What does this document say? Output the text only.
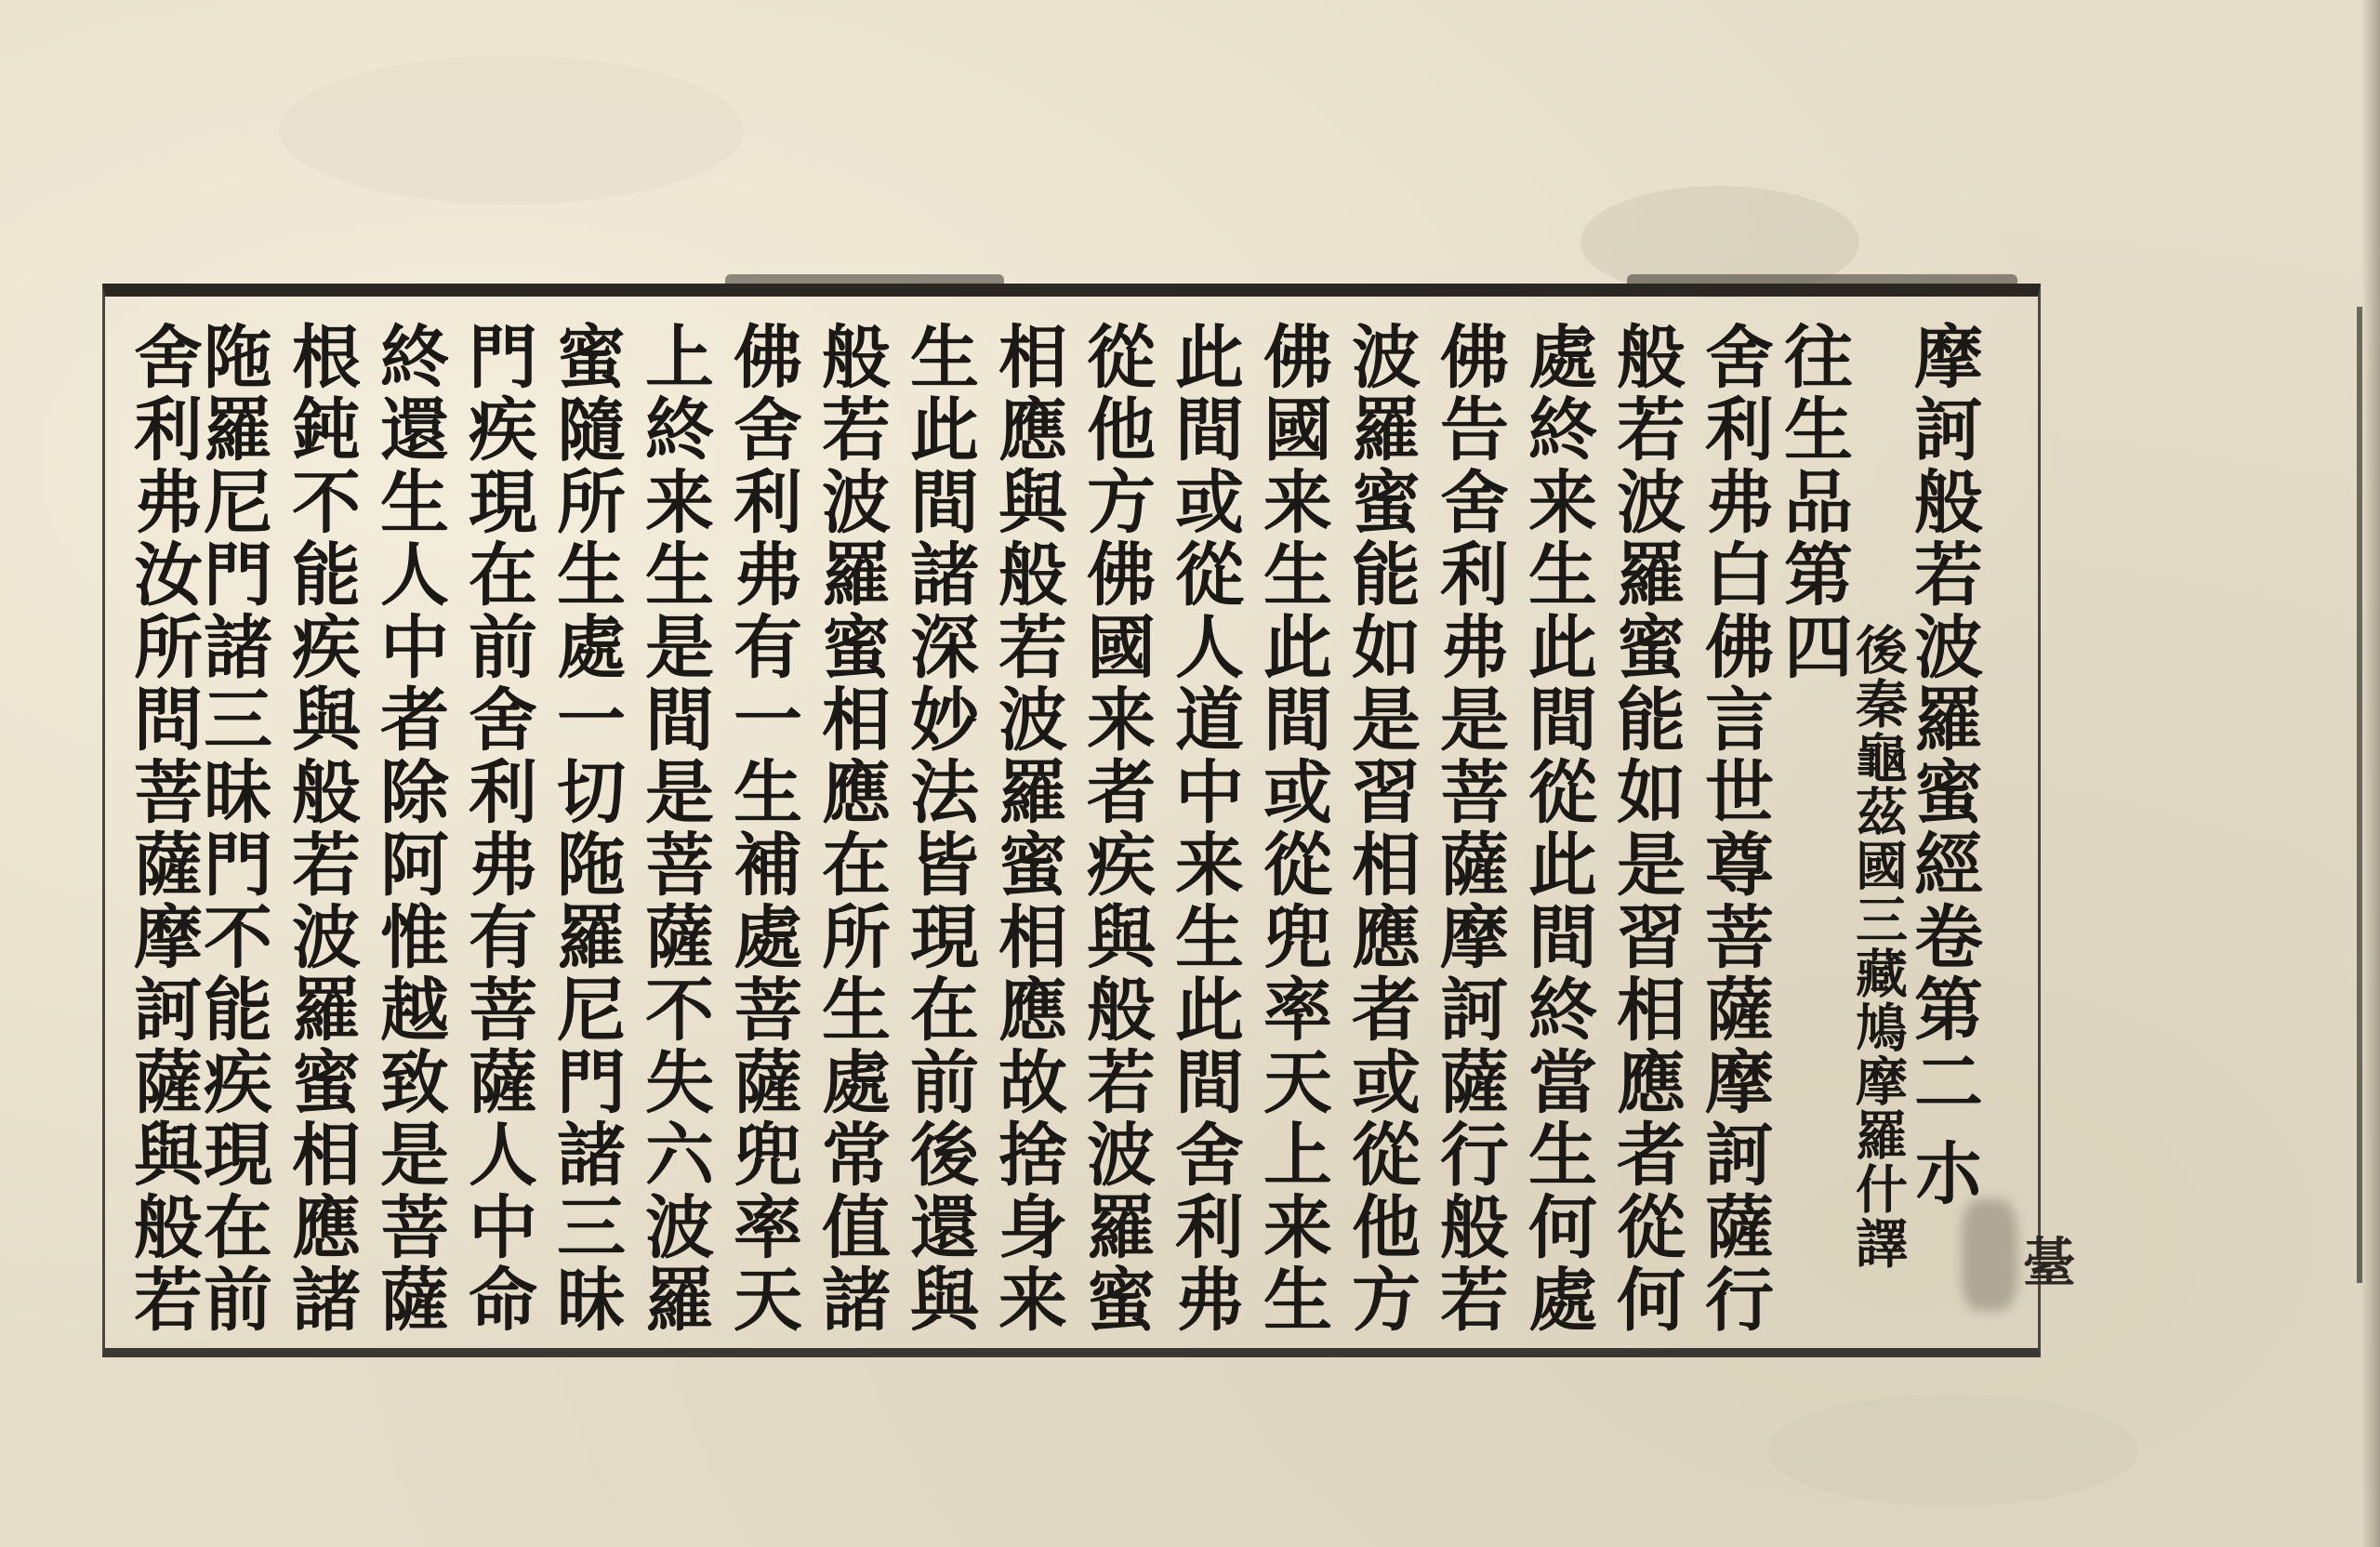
摩訶般若波羅蜜經卷第二朩
後秦龜茲國三藏鳩摩羅什譯
往生品第四
舍利弗白佛言世尊菩薩摩訶薩行
般若波羅蜜能如是習相應者從何
處終来生此間從此間終當生何處
佛告舍利弗是菩薩摩訶薩行般若
波羅蜜能如是習相應者或從他方
佛國来生此間或從兜率天上来生
此間或從人道中来生此間舍利弗
從他方佛國来者疾與般若波羅蜜
相應與般若波羅蜜相應故捨身来
生此間諸深妙法皆現在前後還與
般若波羅蜜相應在所生處常值諸
佛舍利弗有一生補處菩薩兜率天
上終来生是間是菩薩不失六波羅
蜜隨所生處一切陁羅尼門諸三昧
門疾現在前舍利弗有菩薩人中命
終還生人中者除阿惟越致是菩薩
根鈍不能疾與般若波羅蜜相應諸
陁羅尼門諸三昧門不能疾現在前
舍利弗汝所問菩薩摩訶薩與般若	䑓
